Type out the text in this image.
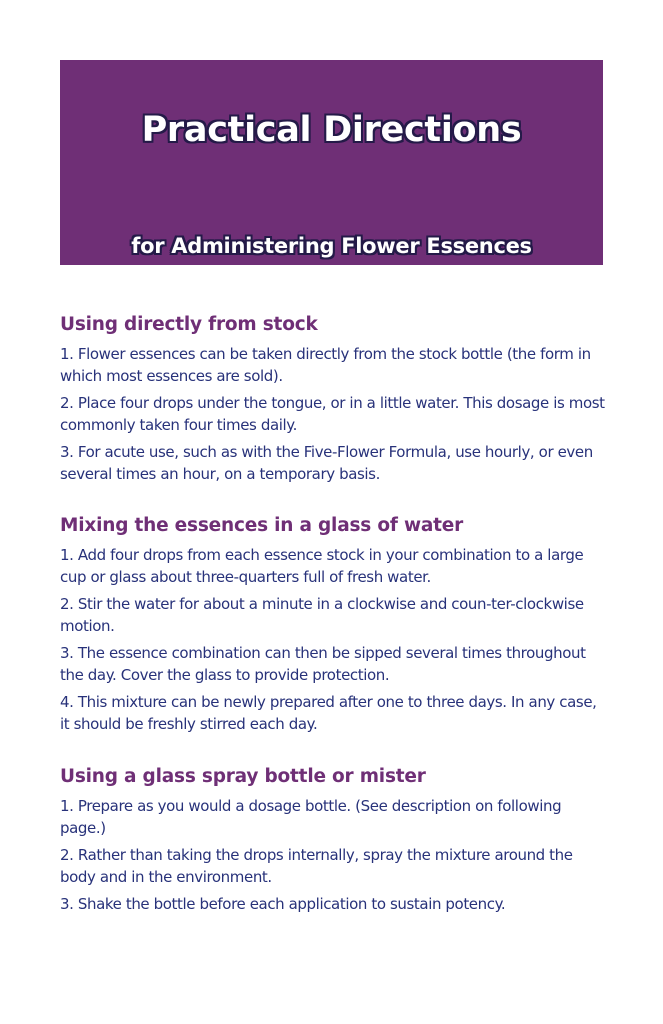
Practical Directions
for Administering Flower Essences
Using directly from stock

1. Flower essences can be taken directly from the stock bottle (the form in which most essences are sold).

2. Place four drops under the tongue, or in a little water. This dosage is most commonly taken four times daily.

3. For acute use, such as with the Five-Flower Formula, use hourly, or even several times an hour, on a temporary basis.

Mixing the essences in a glass of water

1. Add four drops from each essence stock in your combination to a large cup or glass about three-quarters full of fresh water.

2. Stir the water for about a minute in a clockwise and coun-ter-clockwise motion.

3. The essence combination can then be sipped several times throughout the day. Cover the glass to provide protection.

4. This mixture can be newly prepared after one to three days. In any case, it should be freshly stirred each day.

Using a glass spray bottle or mister

1. Prepare as you would a dosage bottle. (See description on following page.)

2. Rather than taking the drops internally, spray the mixture around the body and in the environment.

3. Shake the bottle before each application to sustain potency.
